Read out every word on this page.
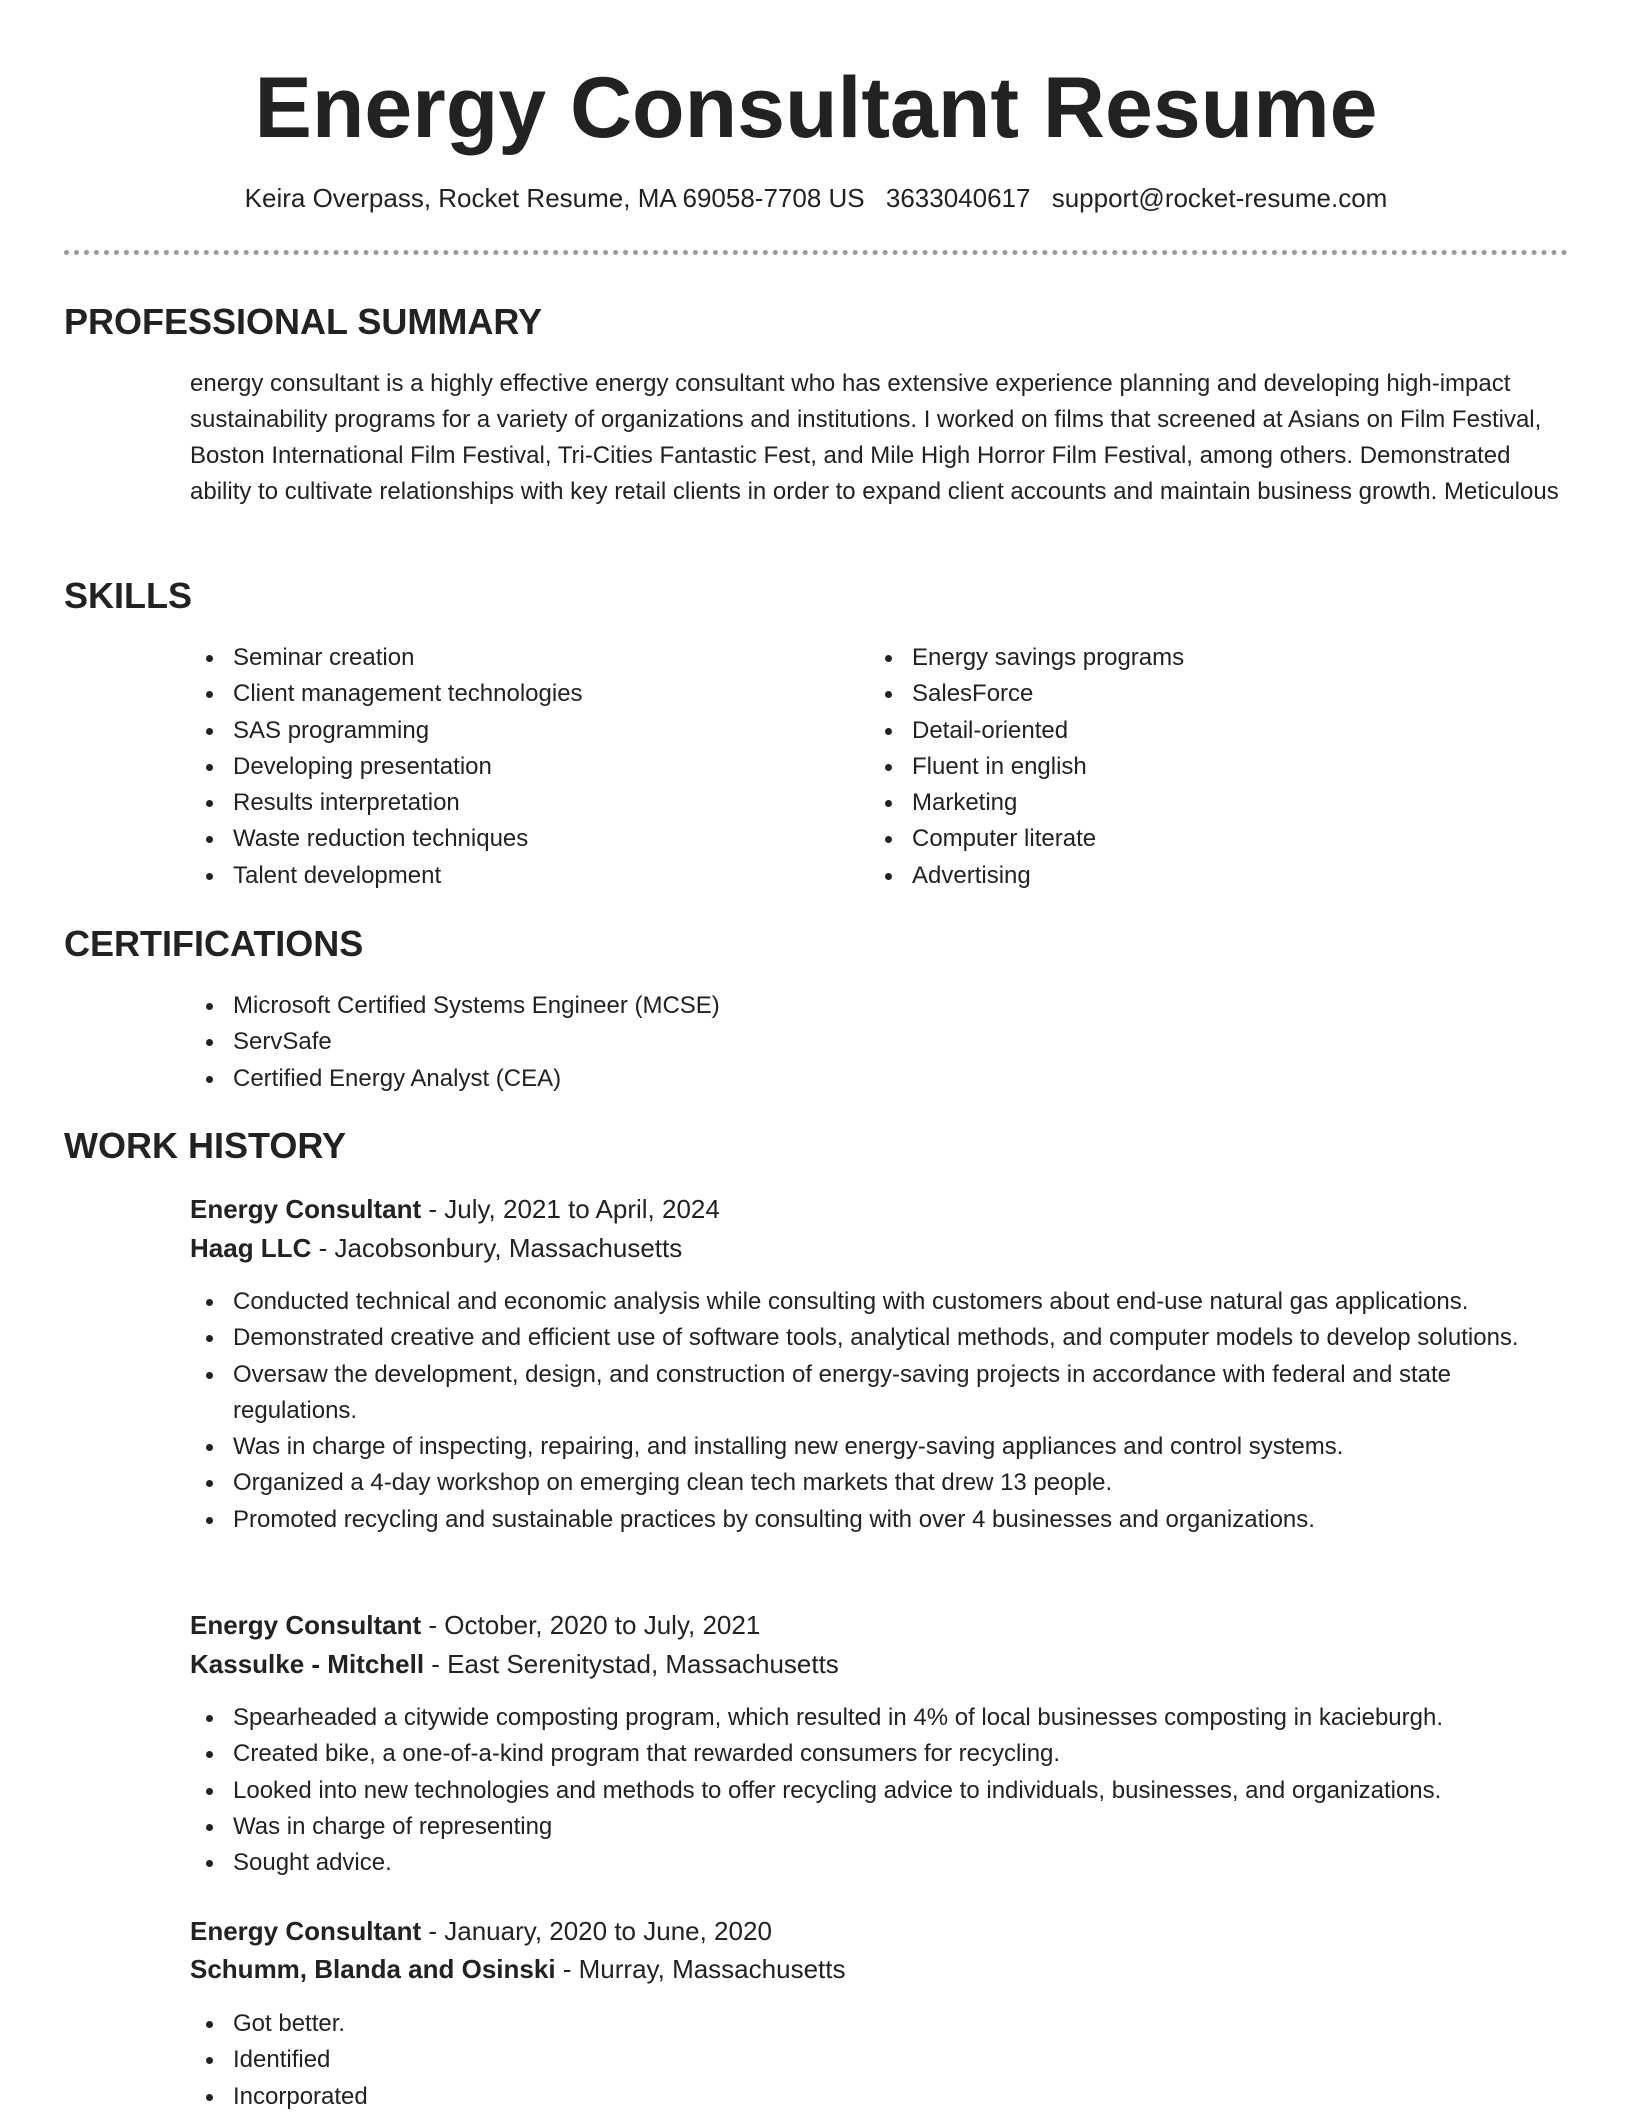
Energy Consultant Resume
Keira Overpass, Rocket Resume, MA 69058-7708 US 3633040617 support@rocket-resume.com
PROFESSIONAL SUMMARY

energy consultant is a highly effective energy consultant who has extensive experience planning and developing high-impact sustainability programs for a variety of organizations and institutions. I worked on films that screened at Asians on Film Festival, Boston International Film Festival, Tri-Cities Fantastic Fest, and Mile High Horror Film Festival, among others. Demonstrated ability to cultivate relationships with key retail clients in order to expand client accounts and maintain business growth. Meticulous

SKILLS
Seminar creation
Client management technologies
SAS programming
Developing presentation
Results interpretation
Waste reduction techniques
Talent development
Energy savings programs
SalesForce
Detail-oriented
Fluent in english
Marketing
Computer literate
Advertising
CERTIFICATIONS
Microsoft Certified Systems Engineer (MCSE)
ServSafe
Certified Energy Analyst (CEA)
WORK HISTORY
Energy Consultant - July, 2021 to April, 2024
Haag LLC - Jacobsonbury, Massachusetts
Conducted technical and economic analysis while consulting with customers about end-use natural gas applications.
Demonstrated creative and efficient use of software tools, analytical methods, and computer models to develop solutions.
Oversaw the development, design, and construction of energy-saving projects in accordance with federal and state regulations.
Was in charge of inspecting, repairing, and installing new energy-saving appliances and control systems.
Organized a 4-day workshop on emerging clean tech markets that drew 13 people.
Promoted recycling and sustainable practices by consulting with over 4 businesses and organizations.
Energy Consultant - October, 2020 to July, 2021
Kassulke - Mitchell - East Serenitystad, Massachusetts
Spearheaded a citywide composting program, which resulted in 4% of local businesses composting in kacieburgh.
Created bike, a one-of-a-kind program that rewarded consumers for recycling.
Looked into new technologies and methods to offer recycling advice to individuals, businesses, and organizations.
Was in charge of representing
Sought advice.
Energy Consultant - January, 2020 to June, 2020
Schumm, Blanda and Osinski - Murray, Massachusetts
Got better.
Identified
Incorporated
